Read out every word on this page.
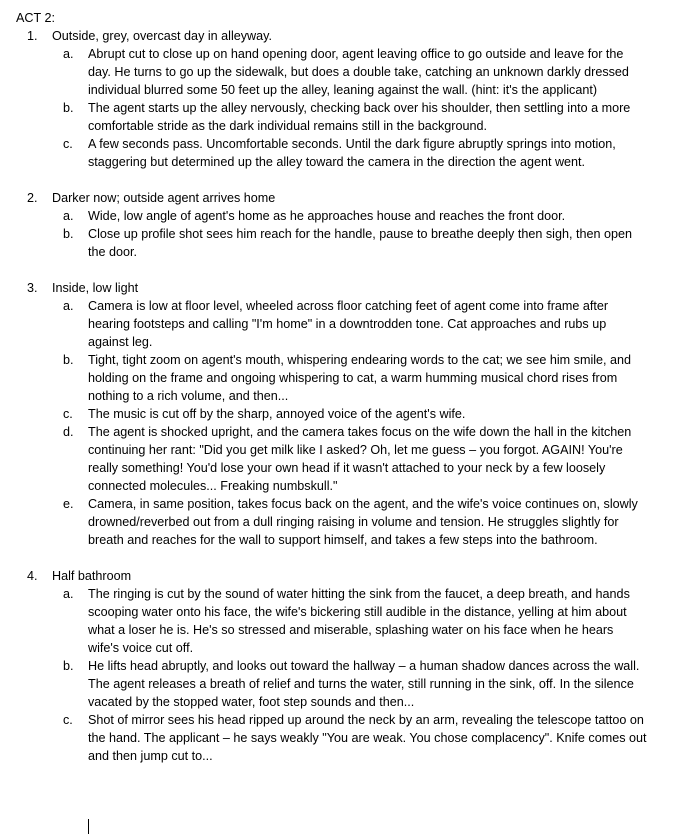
ACT 2:
1. Outside, grey, overcast day in alleyway.
a. Abrupt cut to close up on hand opening door, agent leaving office to go outside and leave for the day. He turns to go up the sidewalk, but does a double take, catching an unknown darkly dressed individual blurred some 50 feet up the alley, leaning against the wall. (hint: it's the applicant)
b. The agent starts up the alley nervously, checking back over his shoulder, then settling into a more comfortable stride as the dark individual remains still in the background.
c. A few seconds pass. Uncomfortable seconds. Until the dark figure abruptly springs into motion, staggering but determined up the alley toward the camera in the direction the agent went.
2. Darker now; outside agent arrives home
a. Wide, low angle of agent's home as he approaches house and reaches the front door.
b. Close up profile shot sees him reach for the handle, pause to breathe deeply then sigh, then open the door.
3. Inside, low light
a. Camera is low at floor level, wheeled across floor catching feet of agent come into frame after hearing footsteps and calling "I'm home" in a downtrodden tone. Cat approaches and rubs up against leg.
b. Tight, tight zoom on agent's mouth, whispering endearing words to the cat; we see him smile, and holding on the frame and ongoing whispering to cat, a warm humming musical chord rises from nothing to a rich volume, and then...
c. The music is cut off by the sharp, annoyed voice of the agent's wife.
d. The agent is shocked upright, and the camera takes focus on the wife down the hall in the kitchen continuing her rant: "Did you get milk like I asked? Oh, let me guess – you forgot. AGAIN! You're really something! You'd lose your own head if it wasn't attached to your neck by a few loosely connected molecules... Freaking numbskull."
e. Camera, in same position, takes focus back on the agent, and the wife's voice continues on, slowly drowned/reverbed out from a dull ringing raising in volume and tension. He struggles slightly for breath and reaches for the wall to support himself, and takes a few steps into the bathroom.
4. Half bathroom
a. The ringing is cut by the sound of water hitting the sink from the faucet, a deep breath, and hands scooping water onto his face, the wife's bickering still audible in the distance, yelling at him about what a loser he is. He's so stressed and miserable, splashing water on his face when he hears wife's voice cut off.
b. He lifts head abruptly, and looks out toward the hallway – a human shadow dances across the wall. The agent releases a breath of relief and turns the water, still running in the sink, off. In the silence vacated by the stopped water, foot step sounds and then...
c. Shot of mirror sees his head ripped up around the neck by an arm, revealing the telescope tattoo on the hand. The applicant – he says weakly "You are weak. You chose complacency". Knife comes out and then jump cut to...
